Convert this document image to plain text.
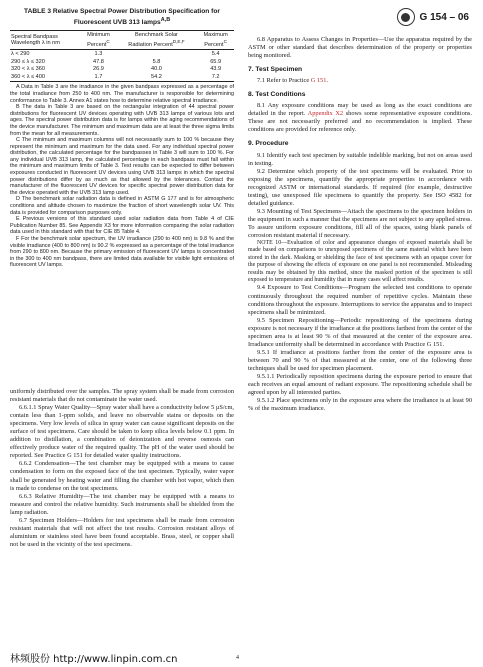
G 154 – 06
TABLE 3 Relative Spectral Power Distribution Specification for
Fluorescent UVB 313 lamps$^{A,B}$
Spectral Bandpass
Wavelength λ in nm	Minimum
Percent$^C$	Benchmark Solar
Radiation Percent$^{D,E,F}$	Maximum
Percent$^C$
λ < 290	1.3		5.4
290 ≤ λ ≤ 320	47.8	5.8	65.9
320 < λ ≤ 360	26.9	40.0	43.9
360 < λ ≤ 400	1.7	54.2	7.2

A Data in Table 3 are the irradiance in the given bandpass expressed as a percentage of the total irradiance from 250 to 400 nm. The manufacturer is responsible for determining conformance to Table 3. Annex A1 states how to determine relative spectral irradiance.

B The data in Table 3 are based on the rectangular integration of 44 spectral power distributions for fluorescent UV devices operating with UVB 313 lamps of various lots and ages. The spectral power distribution data is for lamps within the aging recommendations of the device manufacturer. The minimum and maximum data are at least the three sigma limits from the mean for all measurements.

C The minimum and maximum columns will not necessarily sum to 100 % because they represent the minimum and maximum for the data used. For any individual spectral power distribution, the calculated percentage for the bandpasses in Table 3 will sum to 100 %. For any individual UVB 313 lamp, the calculated percentage in each bandpass must fall within the minimum and maximum limits of Table 3. Test results can be expected to differ between exposures conducted in fluorescent UV devices using UVB 313 lamps in which the spectral power distributions differ by as much as that allowed by the tolerances. Contact the manufacturer of the fluorescent UV devices for specific spectral power distribution data for the device operated with the UVB 313 lamp used.

D The benchmark solar radiation data is defined in ASTM G 177 and is for atmospheric conditions and altitude chosen to maximize the fraction of short wavelength solar UV. This data is provided for comparison purposes only.

E Previous versions of this standard used solar radiation data from Table 4 of CIE Publication Number 85. See Appendix X3 for more information comparing the solar radiation data used in this standard with that for CIE 85 Table 4.

F For the benchmark solar spectrum, the UV irradiance (290 to 400 nm) is 9.8 % and the visible irradiance (400 to 800 nm) is 90.2 % expressed as a percentage of the total irradiance from 290 to 800 nm. Because the primary emission of fluorescent UV lamps is concentrated in the 300 to 400 nm bandpass, there are limited data available for visible light emissions of fluorescent UV lamps.

uniformly distributed over the samples. The spray system shall be made from corrosion resistant materials that do not contaminate the water used.

6.6.1.1 Spray Water Quality—Spray water shall have a conductivity below 5 μS/cm, contain less than 1-ppm solids, and leave no observable stains or deposits on the specimens. Very low levels of silica in spray water can cause significant deposits on the surface of test specimens. Care should be taken to keep silica levels below 0.1 ppm. In addition to distillation, a combination of deionization and reverse osmosis can effectively produce water of the required quality. The pH of the water used should be reported. See Practice G 151 for detailed water quality instructions.

6.6.2 Condensation—The test chamber may be equipped with a means to cause condensation to form on the exposed face of the test specimen. Typically, water vapor shall be generated by heating water and filling the chamber with hot vapor, which then is made to condense on the test specimens.

6.6.3 Relative Humidity—The test chamber may be equipped with a means to measure and control the relative humidity. Such instruments shall be shielded from the lamp radiation.

6.7 Specimen Holders—Holders for test specimens shall be made from corrosion resistant materials that will not affect the test results. Corrosion resistant alloys of aluminium or stainless steel have been found acceptable. Brass, steel, or copper shall not be used in the vicinity of the test specimens.

6.8 Apparatus to Assess Changes in Properties—Use the apparatus required by the ASTM or other standard that describes determination of the property or properties being monitored.

7. Test Specimen

7.1 Refer to Practice G 151.

8. Test Conditions

8.1 Any exposure conditions may be used as long as the exact conditions are detailed in the report. Appendix X2 shows some representative exposure conditions. These are not necessarily preferred and no recommendation is implied. These conditions are provided for reference only.

9. Procedure

9.1 Identify each test specimen by suitable indelible marking, but not on areas used in testing.

9.2 Determine which property of the test specimens will be evaluated. Prior to exposing the specimens, quantify the appropriate properties in accordance with recognized ASTM or international standards. If required (for example, destructive testing), use unexposed file specimens to quantify the property. See ISO 4582 for detailed guidance.

9.3 Mounting of Test Specimens—Attach the specimens to the specimen holders in the equipment in such a manner that the specimens are not subject to any applied stress. To assure uniform exposure conditions, fill all of the spaces, using blank panels of corrosion resistant material if necessary.

NOTE 10—Evaluation of color and appearance changes of exposed materials shall be made based on comparisons to unexposed specimens of the same material which have been stored in the dark. Masking or shielding the face of test specimens with an opaque cover for the purpose of showing the effects of exposure on one panel is not recommended. Misleading results may be obtained by this method, since the masked portion of the specimen is still exposed to temperature and humidity that in many cases will affect results.

9.4 Exposure to Test Conditions—Program the selected test conditions to operate continuously throughout the required number of repetitive cycles. Maintain these conditions throughout the exposure. Interruptions to service the apparatus and to inspect specimens shall be minimized.

9.5 Specimen Repositioning—Periodic repositioning of the specimens during exposure is not necessary if the irradiance at the positions farthest from the center of the specimen area is at least 90 % of that measured at the center of the exposure area. Irradiance uniformity shall be determined in accordance with Practice G 151.

9.5.1 If irradiance at positions farther from the center of the exposure area is between 70 and 90 % of that measured at the center, one of the following three techniques shall be used for specimen placement.

9.5.1.1 Periodically reposition specimens during the exposure period to ensure that each receives an equal amount of radiant exposure. The repositioning schedule shall be agreed upon by all interested parties.

9.5.1.2 Place specimens only in the exposure area where the irradiance is at least 90 % of the maximum irradiance.

林频股份 http://www.linpin.com.cn	4
